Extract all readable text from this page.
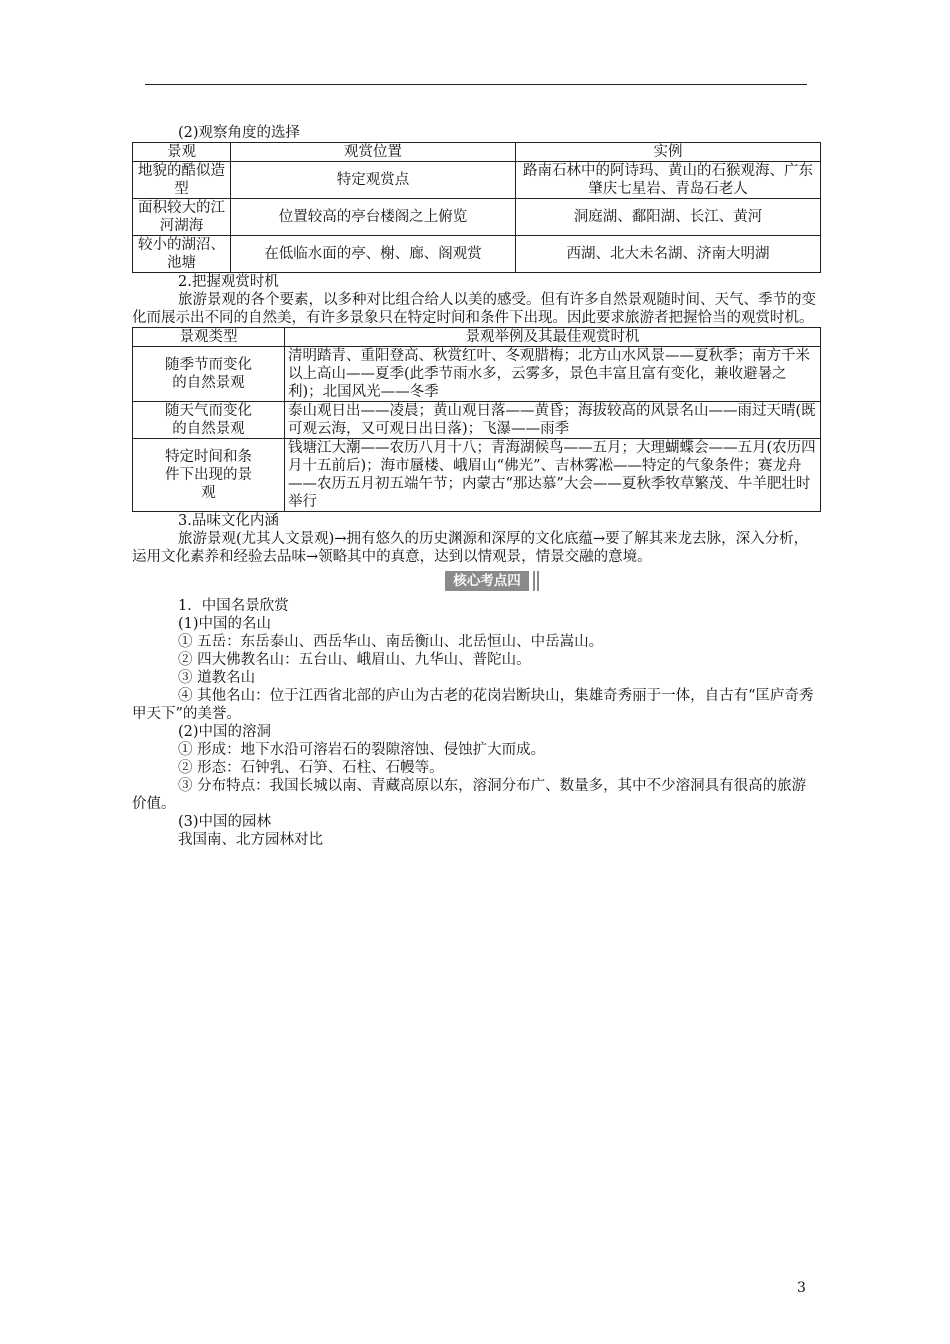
(2)观察角度的选择

景观	观赏位置	实例
地貌的酷似造型	特定观赏点	路南石林中的阿诗玛、黄山的石猴观海、广东肇庆七星岩、青岛石老人
面积较大的江河湖海	位置较高的亭台楼阁之上俯览	洞庭湖、鄱阳湖、长江、黄河
较小的湖沼、池塘	在低临水面的亭、榭、廊、阁观赏	西湖、北大未名湖、济南大明湖

2.把握观赏时机

旅游景观的各个要素，以多种对比组合给人以美的感受。但有许多自然景观随时间、天气、季节的变化而展示出不同的自然美，有许多景象只在特定时间和条件下出现。因此要求旅游者把握恰当的观赏时机。

景观类型	景观举例及其最佳观赏时机
随季节而变化的自然景观	清明踏青、重阳登高、秋赏红叶、冬观腊梅；北方山水风景——夏秋季；南方千米以上高山——夏季(此季节雨水多，云雾多，景色丰富且富有变化，兼收避暑之利)；北国风光——冬季
随天气而变化的自然景观	泰山观日出——凌晨；黄山观日落——黄昏；海拔较高的风景名山——雨过天晴(既可观云海，又可观日出日落)；飞瀑——雨季
特定时间和条件下出现的景观	钱塘江大潮——农历八月十八；青海湖候鸟——五月；大理蝴蝶会——五月(农历四月十五前后)；海市蜃楼、峨眉山“佛光”、吉林雾凇——特定的气象条件；赛龙舟——农历五月初五端午节；内蒙古“那达慕”大会——夏秋季牧草繁茂、牛羊肥壮时举行

3.品味文化内涵

旅游景观(尤其人文景观)→拥有悠久的历史渊源和深厚的文化底蕴→要了解其来龙去脉，深入分析，运用文化素养和经验去品味→领略其中的真意，达到以情观景，情景交融的意境。

核心考点四

1．中国名景欣赏

(1)中国的名山

① 五岳：东岳泰山、西岳华山、南岳衡山、北岳恒山、中岳嵩山。

② 四大佛教名山：五台山、峨眉山、九华山、普陀山。

③ 道教名山

④ 其他名山：位于江西省北部的庐山为古老的花岗岩断块山，集雄奇秀丽于一体，自古有“匡庐奇秀甲天下”的美誉。

(2)中国的溶洞

① 形成：地下水沿可溶岩石的裂隙溶蚀、侵蚀扩大而成。

② 形态：石钟乳、石笋、石柱、石幔等。

③ 分布特点：我国长城以南、青藏高原以东，溶洞分布广、数量多，其中不少溶洞具有很高的旅游价值。

(3)中国的园林

我国南、北方园林对比

3
